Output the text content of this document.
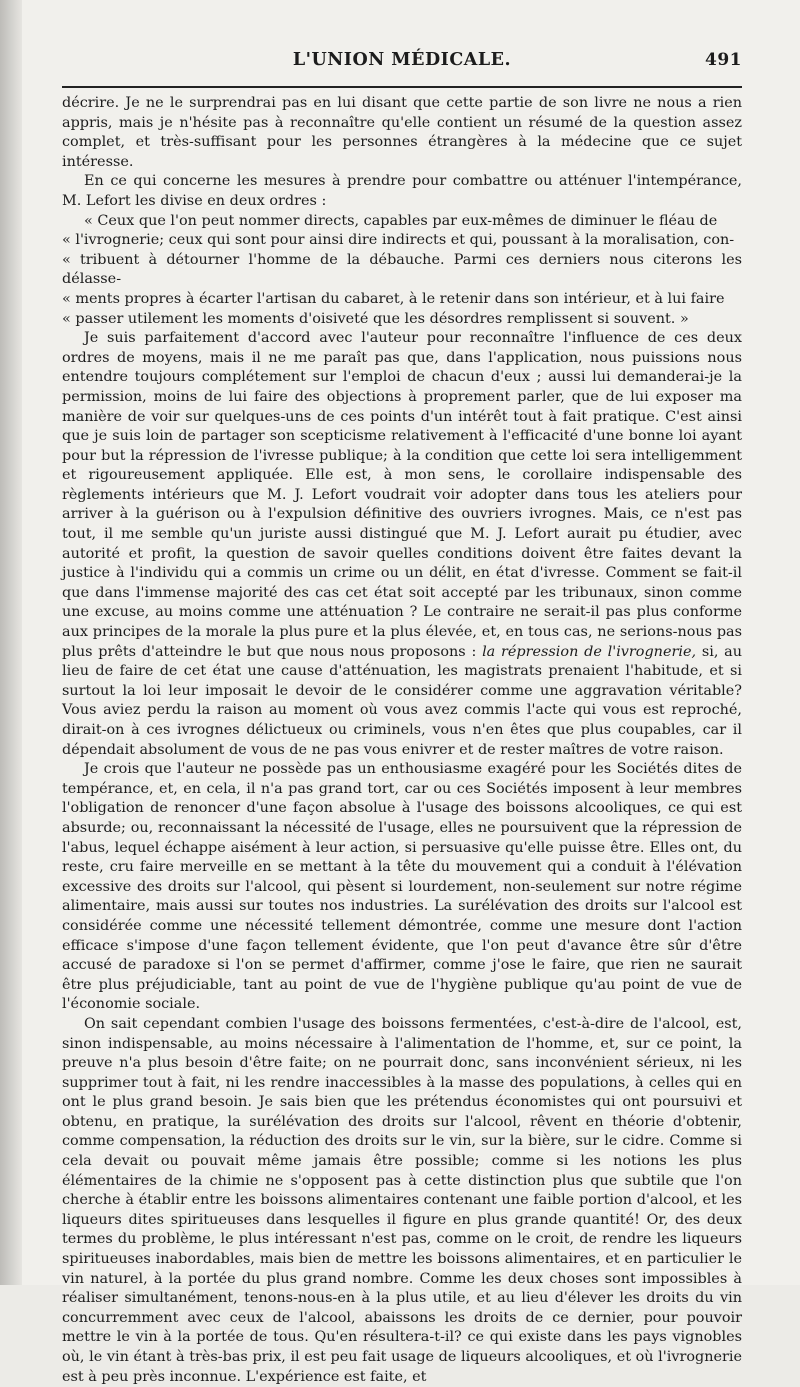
L'UNION MÉDICALE.	491

décrire. Je ne le surprendrai pas en lui disant que cette partie de son livre ne nous a rien appris, mais je n'hésite pas à reconnaître qu'elle contient un résumé de la question assez complet, et très-suffisant pour les personnes étrangères à la médecine que ce sujet intéresse.

En ce qui concerne les mesures à prendre pour combattre ou atténuer l'intempérance, M. Lefort les divise en deux ordres :

« Ceux que l'on peut nommer directs, capables par eux-mêmes de diminuer le fléau de
« l'ivrognerie; ceux qui sont pour ainsi dire indirects et qui, poussant à la moralisation, con-
« tribuent à détourner l'homme de la débauche. Parmi ces derniers nous citerons les délasse-
« ments propres à écarter l'artisan du cabaret, à le retenir dans son intérieur, et à lui faire
« passer utilement les moments d'oisiveté que les désordres remplissent si souvent. »

Je suis parfaitement d'accord avec l'auteur pour reconnaître l'influence de ces deux ordres de moyens, mais il ne me paraît pas que, dans l'application, nous puissions nous entendre toujours complétement sur l'emploi de chacun d'eux ; aussi lui demanderai-je la permission, moins de lui faire des objections à proprement parler, que de lui exposer ma manière de voir sur quelques-uns de ces points d'un intérêt tout à fait pratique. C'est ainsi que je suis loin de partager son scepticisme relativement à l'efficacité d'une bonne loi ayant pour but la répression de l'ivresse publique; à la condition que cette loi sera intelligemment et rigoureusement appliquée. Elle est, à mon sens, le corollaire indispensable des règlements intérieurs que M. J. Lefort voudrait voir adopter dans tous les ateliers pour arriver à la guérison ou à l'expulsion définitive des ouvriers ivrognes. Mais, ce n'est pas tout, il me semble qu'un juriste aussi distingué que M. J. Lefort aurait pu étudier, avec autorité et profit, la question de savoir quelles conditions doivent être faites devant la justice à l'individu qui a commis un crime ou un délit, en état d'ivresse. Comment se fait-il que dans l'immense majorité des cas cet état soit accepté par les tribunaux, sinon comme une excuse, au moins comme une atténuation ? Le contraire ne serait-il pas plus conforme aux principes de la morale la plus pure et la plus élevée, et, en tous cas, ne serions-nous pas plus prêts d'atteindre le but que nous nous proposons : la répression de l'ivrognerie, si, au lieu de faire de cet état une cause d'atténuation, les magistrats prenaient l'habitude, et si surtout la loi leur imposait le devoir de le considérer comme une aggravation véritable? Vous aviez perdu la raison au moment où vous avez commis l'acte qui vous est reproché, dirait-on à ces ivrognes délictueux ou criminels, vous n'en êtes que plus coupables, car il dépendait absolument de vous de ne pas vous enivrer et de rester maîtres de votre raison.

Je crois que l'auteur ne possède pas un enthousiasme exagéré pour les Sociétés dites de tempérance, et, en cela, il n'a pas grand tort, car ou ces Sociétés imposent à leur membres l'obligation de renoncer d'une façon absolue à l'usage des boissons alcooliques, ce qui est absurde; ou, reconnaissant la nécessité de l'usage, elles ne poursuivent que la répression de l'abus, lequel échappe aisément à leur action, si persuasive qu'elle puisse être. Elles ont, du reste, cru faire merveille en se mettant à la tête du mouvement qui a conduit à l'élévation excessive des droits sur l'alcool, qui pèsent si lourdement, non-seulement sur notre régime alimentaire, mais aussi sur toutes nos industries. La surélévation des droits sur l'alcool est considérée comme une nécessité tellement démontrée, comme une mesure dont l'action efficace s'impose d'une façon tellement évidente, que l'on peut d'avance être sûr d'être accusé de paradoxe si l'on se permet d'affirmer, comme j'ose le faire, que rien ne saurait être plus préjudiciable, tant au point de vue de l'hygiène publique qu'au point de vue de l'économie sociale.

On sait cependant combien l'usage des boissons fermentées, c'est-à-dire de l'alcool, est, sinon indispensable, au moins nécessaire à l'alimentation de l'homme, et, sur ce point, la preuve n'a plus besoin d'être faite; on ne pourrait donc, sans inconvénient sérieux, ni les supprimer tout à fait, ni les rendre inaccessibles à la masse des populations, à celles qui en ont le plus grand besoin. Je sais bien que les prétendus économistes qui ont poursuivi et obtenu, en pratique, la surélévation des droits sur l'alcool, rêvent en théorie d'obtenir, comme compensation, la réduction des droits sur le vin, sur la bière, sur le cidre. Comme si cela devait ou pouvait même jamais être possible; comme si les notions les plus élémentaires de la chimie ne s'opposent pas à cette distinction plus que subtile que l'on cherche à établir entre les boissons alimentaires contenant une faible portion d'alcool, et les liqueurs dites spiritueuses dans lesquelles il figure en plus grande quantité! Or, des deux termes du problème, le plus intéressant n'est pas, comme on le croit, de rendre les liqueurs spiritueuses inabordables, mais bien de mettre les boissons alimentaires, et en particulier le vin naturel, à la portée du plus grand nombre. Comme les deux choses sont impossibles à réaliser simultanément, tenons-nous-en à la plus utile, et au lieu d'élever les droits du vin concurremment avec ceux de l'alcool, abaissons les droits de ce dernier, pour pouvoir mettre le vin à la portée de tous. Qu'en résultera-t-il? ce qui existe dans les pays vignobles où, le vin étant à très-bas prix, il est peu fait usage de liqueurs alcooliques, et où l'ivrognerie est à peu près inconnue. L'expérience est faite, et
